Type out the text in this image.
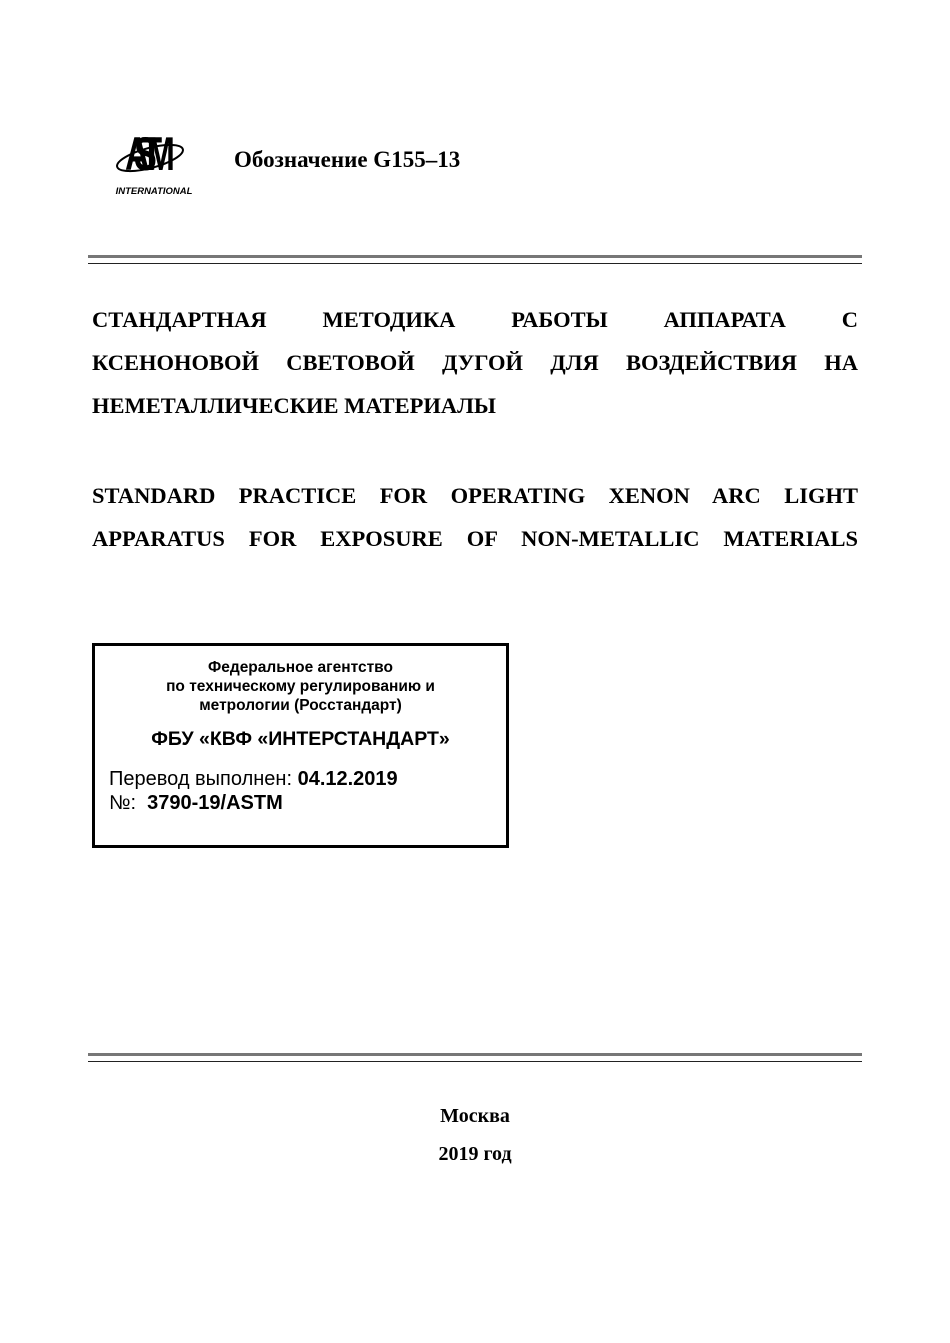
ASTM
INTERNATIONAL
Обозначение G155–13
СТАНДАРТНАЯ МЕТОДИКА РАБОТЫ АППАРАТА С
КСЕНОНОВОЙ СВЕТОВОЙ ДУГОЙ ДЛЯ ВОЗДЕЙСТВИЯ НА
НЕМЕТАЛЛИЧЕСКИЕ МАТЕРИАЛЫ
STANDARD PRACTICE FOR OPERATING XENON ARC LIGHT
APPARATUS FOR EXPOSURE OF NON-METALLIC MATERIALS
Федеральное агентство
по техническому регулированию и
метрологии (Росстандарт)
ФБУ «КВФ «ИНТЕРСТАНДАРТ»
Перевод выполнен: 04.12.2019
№:  3790-19/ASTM
Москва
2019 год
